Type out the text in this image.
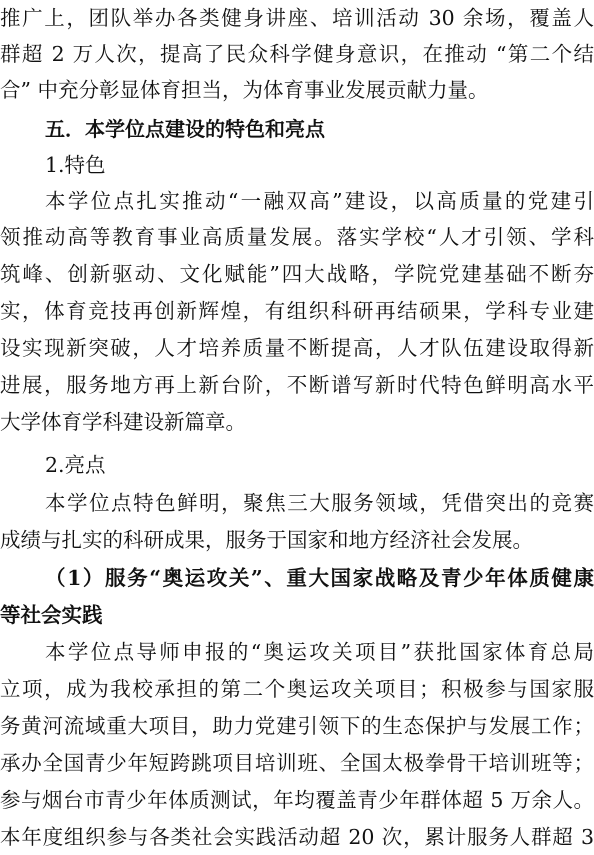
推广上，团队举办各类健身讲座、培训活动 30 余场，覆盖人
群超 2 万人次，提高了民众科学健身意识，在推动 “第二个结
合” 中充分彰显体育担当，为体育事业发展贡献力量。
五．本学位点建设的特色和亮点
1.特色
本学位点扎实推动“一融双高”建设，以高质量的党建引
领推动高等教育事业高质量发展。落实学校“人才引领、学科
筑峰、创新驱动、文化赋能”四大战略，学院党建基础不断夯
实，体育竞技再创新辉煌，有组织科研再结硕果，学科专业建
设实现新突破，人才培养质量不断提高，人才队伍建设取得新
进展，服务地方再上新台阶，不断谱写新时代特色鲜明高水平
大学体育学科建设新篇章。
2.亮点
本学位点特色鲜明，聚焦三大服务领域，凭借突出的竞赛
成绩与扎实的科研成果，服务于国家和地方经济社会发展。
（1）服务“奥运攻关”、重大国家战略及青少年体质健康
等社会实践
本学位点导师申报的“奥运攻关项目”获批国家体育总局
立项，成为我校承担的第二个奥运攻关项目；积极参与国家服
务黄河流域重大项目，助力党建引领下的生态保护与发展工作；
承办全国青少年短跨跳项目培训班、全国太极拳骨干培训班等；
参与烟台市青少年体质测试，年均覆盖青少年群体超 5 万余人。
本年度组织参与各类社会实践活动超 20 次，累计服务人群超 3
